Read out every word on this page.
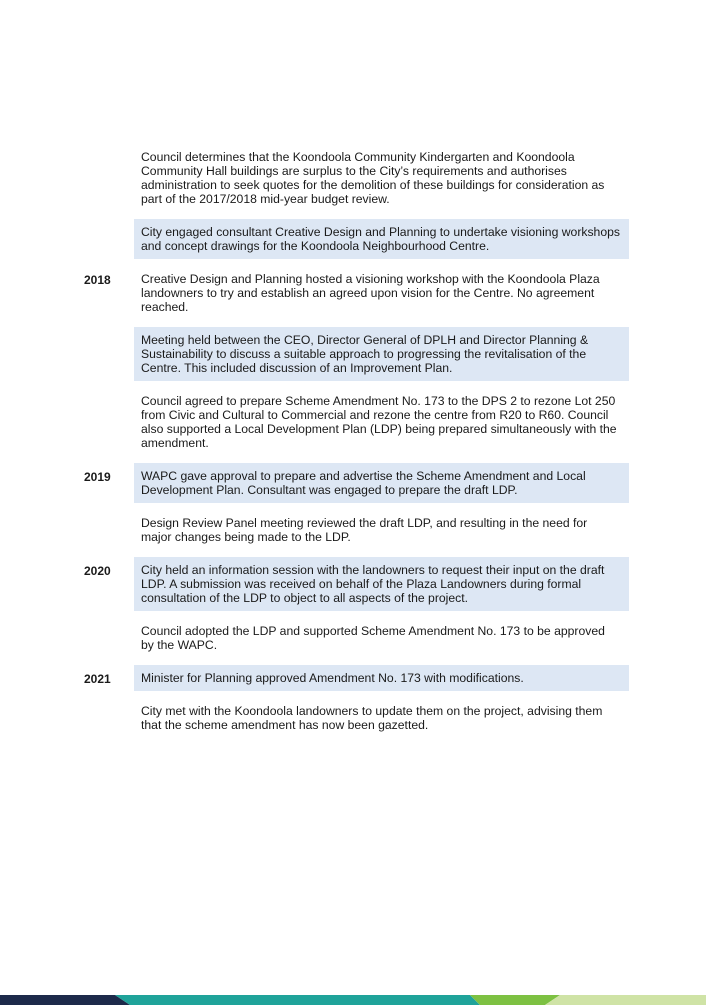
Council determines that the Koondoola Community Kindergarten and Koondoola Community Hall buildings are surplus to the City’s requirements and authorises administration to seek quotes for the demolition of these buildings for consideration as part of the 2017/2018 mid-year budget review.
City engaged consultant Creative Design and Planning to undertake visioning workshops and concept drawings for the Koondoola Neighbourhood Centre.
2018	Creative Design and Planning hosted a visioning workshop with the Koondoola Plaza landowners to try and establish an agreed upon vision for the Centre. No agreement reached.
Meeting held between the CEO, Director General of DPLH and Director Planning & Sustainability to discuss a suitable approach to progressing the revitalisation of the Centre. This included discussion of an Improvement Plan.
Council agreed to prepare Scheme Amendment No. 173 to the DPS 2 to rezone Lot 250 from Civic and Cultural to Commercial and rezone the centre from R20 to R60. Council also supported a Local Development Plan (LDP) being prepared simultaneously with the amendment.
2019	WAPC gave approval to prepare and advertise the Scheme Amendment and Local Development Plan. Consultant was engaged to prepare the draft LDP.
Design Review Panel meeting reviewed the draft LDP, and resulting in the need for major changes being made to the LDP.
2020	City held an information session with the landowners to request their input on the draft LDP. A submission was received on behalf of the Plaza Landowners during formal consultation of the LDP to object to all aspects of the project.
Council adopted the LDP and supported Scheme Amendment No. 173 to be approved by the WAPC.
2021	Minister for Planning approved Amendment No. 173 with modifications.
City met with the Koondoola landowners to update them on the project, advising them that the scheme amendment has now been gazetted.
